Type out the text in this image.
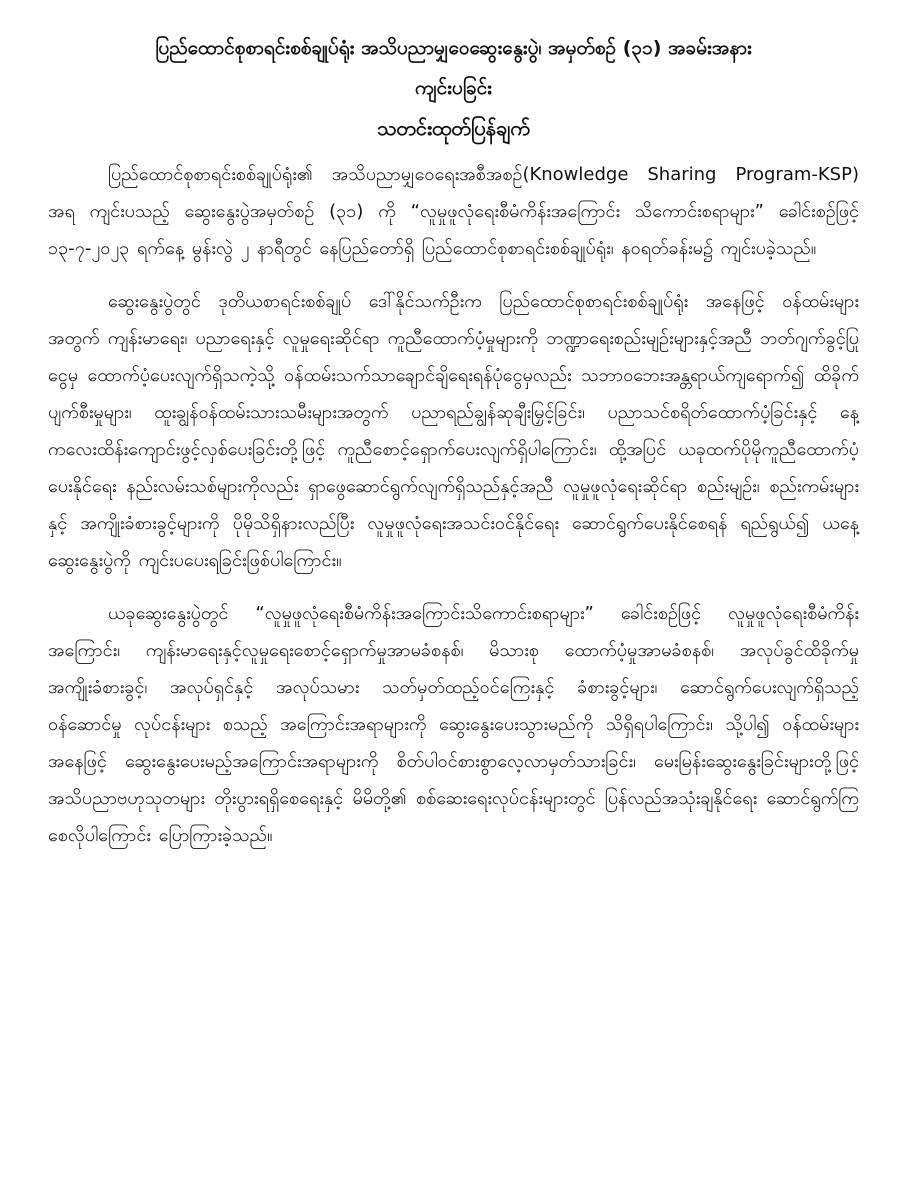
ပြည်ထောင်စုစာရင်းစစ်ချုပ်ရုံး အသိပညာမျှဝေဆွေးနွေးပွဲ၊ အမှတ်စဉ် (၃၁) အခမ်းအနား
ကျင်းပခြင်း
သတင်းထုတ်ပြန်ချက်

ပြည်ထောင်စုစာရင်းစစ်ချုပ်ရုံး၏ အသိပညာမျှဝေရေးအစီအစဉ်(Knowledge Sharing Program-KSP) အရ ကျင်းပသည့် ဆွေးနွေးပွဲအမှတ်စဉ် (၃၁) ကို “လူမှုဖူလုံရေးစီမံကိန်းအကြောင်း သိကောင်းစရာများ” ခေါင်းစဉ်ဖြင့် ၁၃-၇-၂၀၂၃ ရက်နေ့ မွန်းလွဲ ၂ နာရီတွင် နေပြည်တော်ရှိ ပြည်ထောင်စုစာရင်းစစ်ချုပ်ရုံး၊ နဝရတ်ခန်းမ၌ ကျင်းပခဲ့သည်။

ဆွေးနွေးပွဲတွင် ဒုတိယစာရင်းစစ်ချုပ် ဒေါ်နိုင်သက်ဦးက ပြည်ထောင်စုစာရင်းစစ်ချုပ်ရုံး အနေဖြင့် ဝန်ထမ်းများအတွက် ကျန်းမာရေး၊ ပညာရေးနှင့် လူမှုရေးဆိုင်ရာ ကူညီထောက်ပံ့မှုများကို ဘဏ္ဍာရေးစည်းမျဉ်းများနှင့်အညီ ဘတ်ဂျက်ခွင့်ပြုငွေမှ ထောက်ပံ့ပေးလျက်ရှိသကဲ့သို့ ဝန်ထမ်းသက်သာချောင်ချိရေးရန်ပုံငွေမှလည်း သဘာဝဘေးအန္တရာယ်ကျရောက်၍ ထိခိုက်ပျက်စီးမှုများ၊ ထူးချွန်ဝန်ထမ်းသားသမီးများအတွက် ပညာရည်ချွန်ဆုချီးမြှင့်ခြင်း၊ ပညာသင်စရိတ်ထောက်ပံ့ခြင်းနှင့် နေ့ကလေးထိန်းကျောင်းဖွင့်လှစ်ပေးခြင်းတို့ဖြင့် ကူညီစောင့်ရှောက်ပေးလျက်ရှိပါကြောင်း၊ ထို့အပြင် ယခုထက်ပိုမိုကူညီထောက်ပံ့ပေးနိုင်ရေး နည်းလမ်းသစ်များကိုလည်း ရှာဖွေဆောင်ရွက်လျက်ရှိသည်နှင့်အညီ လူမှုဖူလုံရေးဆိုင်ရာ စည်းမျဉ်း၊ စည်းကမ်းများနှင့် အကျိုးခံစားခွင့်များကို ပိုမိုသိရှိနားလည်ပြီး လူမှုဖူလုံရေးအသင်းဝင်နိုင်ရေး ဆောင်ရွက်ပေးနိုင်စေရန် ရည်ရွယ်၍ ယနေ့ဆွေးနွေးပွဲကို ကျင်းပပေးရခြင်းဖြစ်ပါကြောင်း။

ယခုဆွေးနွေးပွဲတွင် “လူမှုဖူလုံရေးစီမံကိန်းအကြောင်းသိကောင်းစရာများ” ခေါင်းစဉ်ဖြင့် လူမှုဖူလုံရေးစီမံကိန်းအကြောင်း၊ ကျန်းမာရေးနှင့်လူမှုရေးစောင့်ရှောက်မှုအာမခံစနစ်၊ မိသားစု ထောက်ပံ့မှုအာမခံစနစ်၊ အလုပ်ခွင်ထိခိုက်မှုအကျိုးခံစားခွင့်၊ အလုပ်ရှင်နှင့် အလုပ်သမား သတ်မှတ်ထည့်ဝင်ကြေးနှင့် ခံစားခွင့်များ၊ ဆောင်ရွက်ပေးလျက်ရှိသည့် ဝန်ဆောင်မှု လုပ်ငန်းများ စသည့် အကြောင်းအရာများကို ဆွေးနွေးပေးသွားမည်ကို သိရှိရပါကြောင်း၊ သို့ပါ၍ ဝန်ထမ်းများ အနေဖြင့် ဆွေးနွေးပေးမည့်အကြောင်းအရာများကို စိတ်ပါဝင်စားစွာလေ့လာမှတ်သားခြင်း၊ မေးမြန်းဆွေးနွေးခြင်းများတို့ဖြင့် အသိပညာဗဟုသုတများ တိုးပွားရရှိစေရေးနှင့် မိမိတို့၏ စစ်ဆေးရေးလုပ်ငန်းများတွင် ပြန်လည်အသုံးချနိုင်ရေး ဆောင်ရွက်ကြစေလိုပါကြောင်း ပြောကြားခဲ့သည်။
